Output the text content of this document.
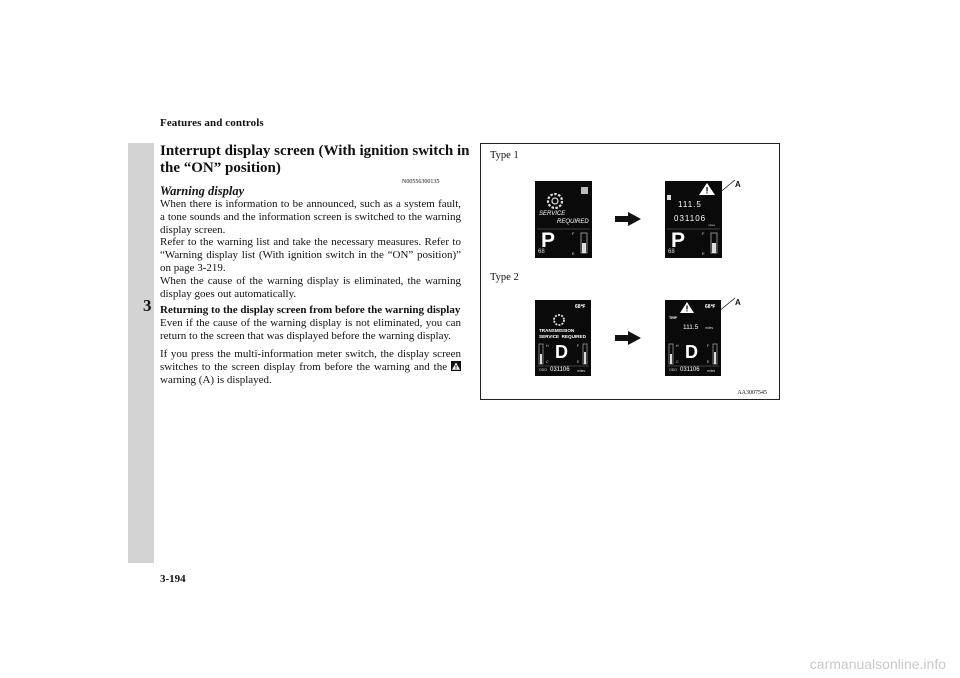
Features and controls
3
Interrupt display screen (With ignition switch in the “ON” position)
N00556300135
Warning display

When there is information to be announced, such as a system fault, a tone sounds and the information screen is switched to the warning display screen.

Refer to the warning list and take the necessary measures. Refer to “Warning display list (With ignition switch in the “ON” position)” on page 3-219.

When the cause of the warning display is eliminated, the warning display goes out automatically.

Returning to the display screen from before the warning display

Even if the cause of the warning display is not eliminated, you can return to the screen that was displayed before the warning display.

If you press the multi-information meter switch, the display screen switches to the screen display from before the warning and the  warning (A) is displayed.

Type 1
Type 2
SERVICE
REQUIRED
P	F
E
68
111.5
031106
miles
P	F
E
68
A
68℉
TRANSMISSION
SERVICE  REQUIRED
D
H
C
F
E
ODO 031106 miles
68℉
TRIP
111.5 miles
D
H
C
F
E
ODO 031106 miles
A
AA3007545
3-194
carmanualsonline.info
